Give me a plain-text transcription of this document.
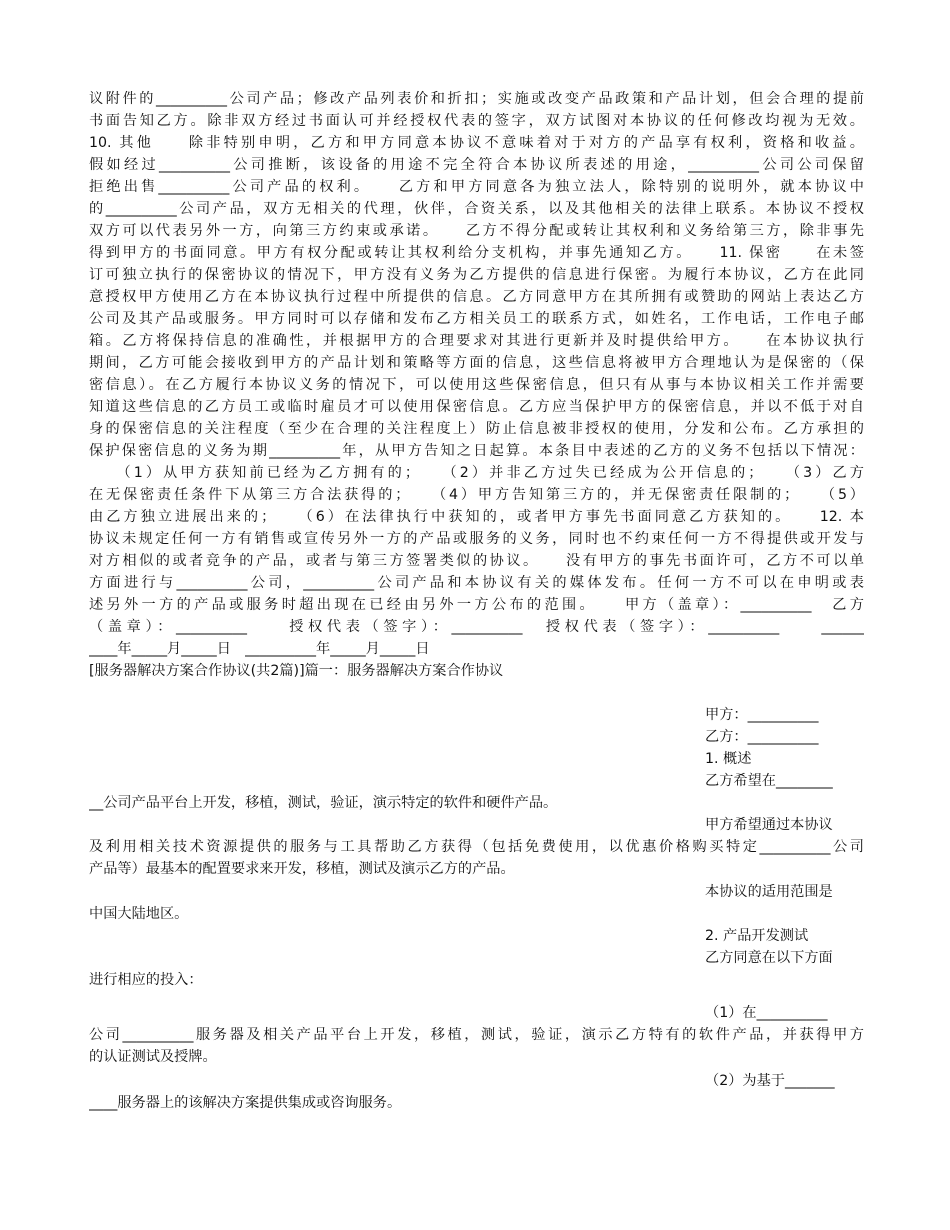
议附件的__________公司产品；修改产品列表价和折扣；实施或改变产品政策和产品计划，但会合理的提前
书面告知乙方。除非双方经过书面认可并经授权代表的签字，双方试图对本协议的任何修改均视为无效。
10. 其他　　除非特别申明，乙方和甲方同意本协议不意味着对于对方的产品享有权利，资格和收益。
假如经过__________公司推断，该设备的用途不完全符合本协议所表述的用途，__________公司公司保留
拒绝出售__________公司产品的权利。　　乙方和甲方同意各为独立法人，除特别的说明外，就本协议中
的__________公司产品，双方无相关的代理，伙伴，合资关系，以及其他相关的法律上联系。本协议不授权
双方可以代表另外一方，向第三方约束或承诺。　　乙方不得分配或转让其权利和义务给第三方，除非事先
得到甲方的书面同意。甲方有权分配或转让其权利给分支机构，并事先通知乙方。　　11. 保密　　在未签
订可独立执行的保密协议的情况下，甲方没有义务为乙方提供的信息进行保密。为履行本协议，乙方在此同
意授权甲方使用乙方在本协议执行过程中所提供的信息。乙方同意甲方在其所拥有或赞助的网站上表达乙方
公司及其产品或服务。甲方同时可以存储和发布乙方相关员工的联系方式，如姓名，工作电话，工作电子邮
箱。乙方将保持信息的准确性，并根据甲方的合理要求对其进行更新并及时提供给甲方。　　在本协议执行
期间，乙方可能会接收到甲方的产品计划和策略等方面的信息，这些信息将被甲方合理地认为是保密的（保
密信息）。在乙方履行本协议义务的情况下，可以使用这些保密信息，但只有从事与本协议相关工作并需要
知道这些信息的乙方员工或临时雇员才可以使用保密信息。乙方应当保护甲方的保密信息，并以不低于对自
身的保密信息的关注程度（至少在合理的关注程度上）防止信息被非授权的使用，分发和公布。乙方承担的
保护保密信息的义务为期__________年，从甲方告知之日起算。本条目中表述的乙方的义务不包括以下情况：
　　（1）从甲方获知前已经为乙方拥有的；　　（2）并非乙方过失已经成为公开信息的；　　（3）乙方
在无保密责任条件下从第三方合法获得的；　　（4）甲方告知第三方的，并无保密责任限制的；　　（5）
由乙方独立进展出来的；　　（6）在法律执行中获知的，或者甲方事先书面同意乙方获知的。　　12. 本
协议未规定任何一方有销售或宣传另外一方的产品或服务的义务，同时也不约束任何一方不得提供或开发与
对方相似的或者竞争的产品，或者与第三方签署类似的协议。　　没有甲方的事先书面许可，乙方不可以单
方面进行与__________公司，__________公司产品和本协议有关的媒体发布。任何一方不可以在申明或表
述另外一方的产品或服务时超出现在已经由另外一方公布的范围。　　甲方（盖章）：__________　乙方
（盖章）：__________　　授权代表（签字）：__________　授权代表（签字）：__________　　______
____年_____月_____日　__________年_____月_____日
[服务器解决方案合作协议(共2篇)]篇一：服务器解决方案合作协议
甲方：__________
乙方：__________
1. 概述
乙方希望在________
__公司产品平台上开发，移植，测试，验证，演示特定的软件和硬件产品。
甲方希望通过本协议
及利用相关技术资源提供的服务与工具帮助乙方获得（包括免费使用，以优惠价格购买特定__________公司
产品等）最基本的配置要求来开发，移植，测试及演示乙方的产品。
本协议的适用范围是
中国大陆地区。
2. 产品开发测试
乙方同意在以下方面
进行相应的投入：
（1）在__________
公司__________服务器及相关产品平台上开发，移植，测试，验证，演示乙方特有的软件产品，并获得甲方
的认证测试及授牌。
（2）为基于_______
____服务器上的该解决方案提供集成或咨询服务。
